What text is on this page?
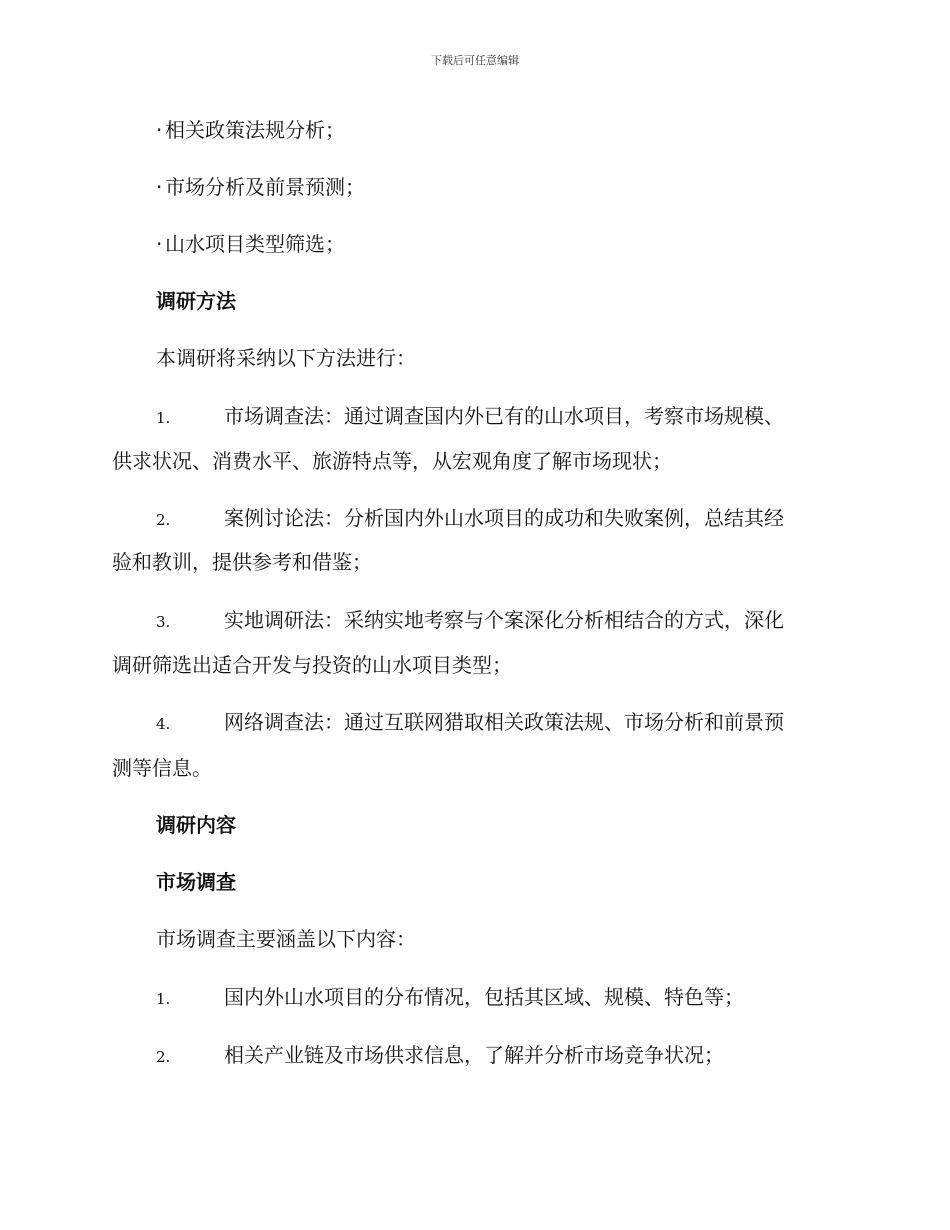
下载后可任意编辑
· 相关政策法规分析；
· 市场分析及前景预测；
· 山水项目类型筛选；
调研方法
本调研将采纳以下方法进行：
1.	市场调查法：通过调查国内外已有的山水项目，考察市场规模、
供求状况、消费水平、旅游特点等，从宏观角度了解市场现状；
2.	案例讨论法：分析国内外山水项目的成功和失败案例，总结其经
验和教训，提供参考和借鉴；
3.	实地调研法：采纳实地考察与个案深化分析相结合的方式，深化
调研筛选出适合开发与投资的山水项目类型；
4.	网络调查法：通过互联网猎取相关政策法规、市场分析和前景预
测等信息。
调研内容
市场调查
市场调查主要涵盖以下内容：
1.	国内外山水项目的分布情况，包括其区域、规模、特色等；
2.	相关产业链及市场供求信息，了解并分析市场竞争状况；
